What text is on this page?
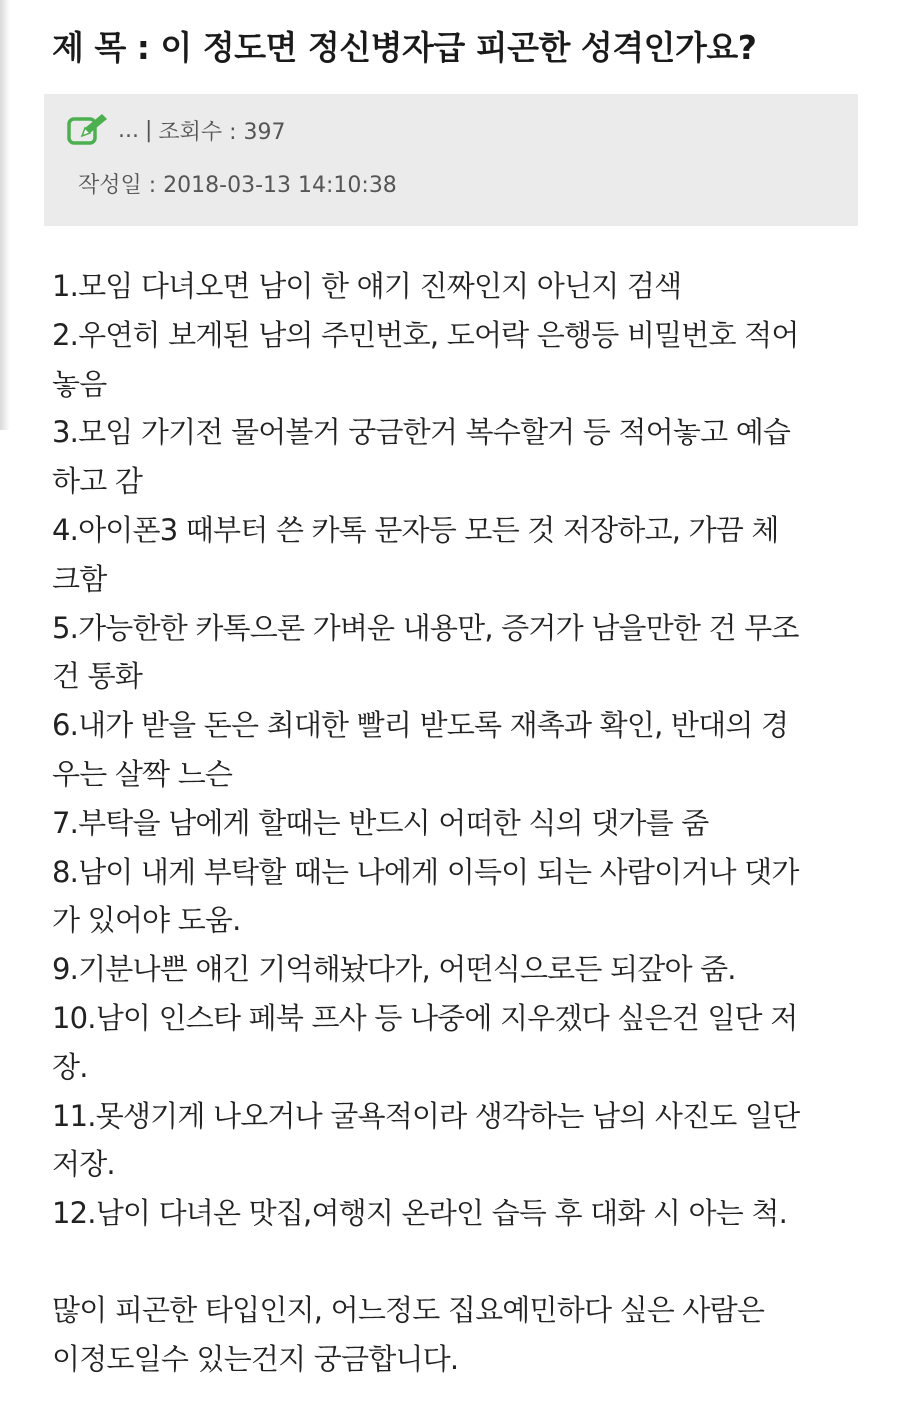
제 목 : 이 정도면 정신병자급 피곤한 성격인가요?
... | 조회수 : 397
작성일 : 2018-03-13 14:10:38
1.모임 다녀오면 남이 한 얘기 진짜인지 아닌지 검색
2.우연히 보게된 남의 주민번호, 도어락 은행등 비밀번호 적어
놓음
3.모임 가기전 물어볼거 궁금한거 복수할거 등 적어놓고 예습
하고 감
4.아이폰3 때부터 쓴 카톡 문자등 모든 것 저장하고, 가끔 체
크함
5.가능한한 카톡으론 가벼운 내용만, 증거가 남을만한 건 무조
건 통화
6.내가 받을 돈은 최대한 빨리 받도록 재촉과 확인, 반대의 경
우는 살짝 느슨
7.부탁을 남에게 할때는 반드시 어떠한 식의 댓가를 줌
8.남이 내게 부탁할 때는 나에게 이득이 되는 사람이거나 댓가
가 있어야 도움.
9.기분나쁜 얘긴 기억해놨다가, 어떤식으로든 되갚아 줌.
10.남이 인스타 페북 프사 등 나중에 지우겠다 싶은건 일단 저
장.
11.못생기게 나오거나 굴욕적이라 생각하는 남의 사진도 일단
저장.
12.남이 다녀온 맛집,여행지 온라인 습득 후 대화 시 아는 척.
많이 피곤한 타입인지, 어느정도 집요예민하다 싶은 사람은
이정도일수 있는건지 궁금합니다.
